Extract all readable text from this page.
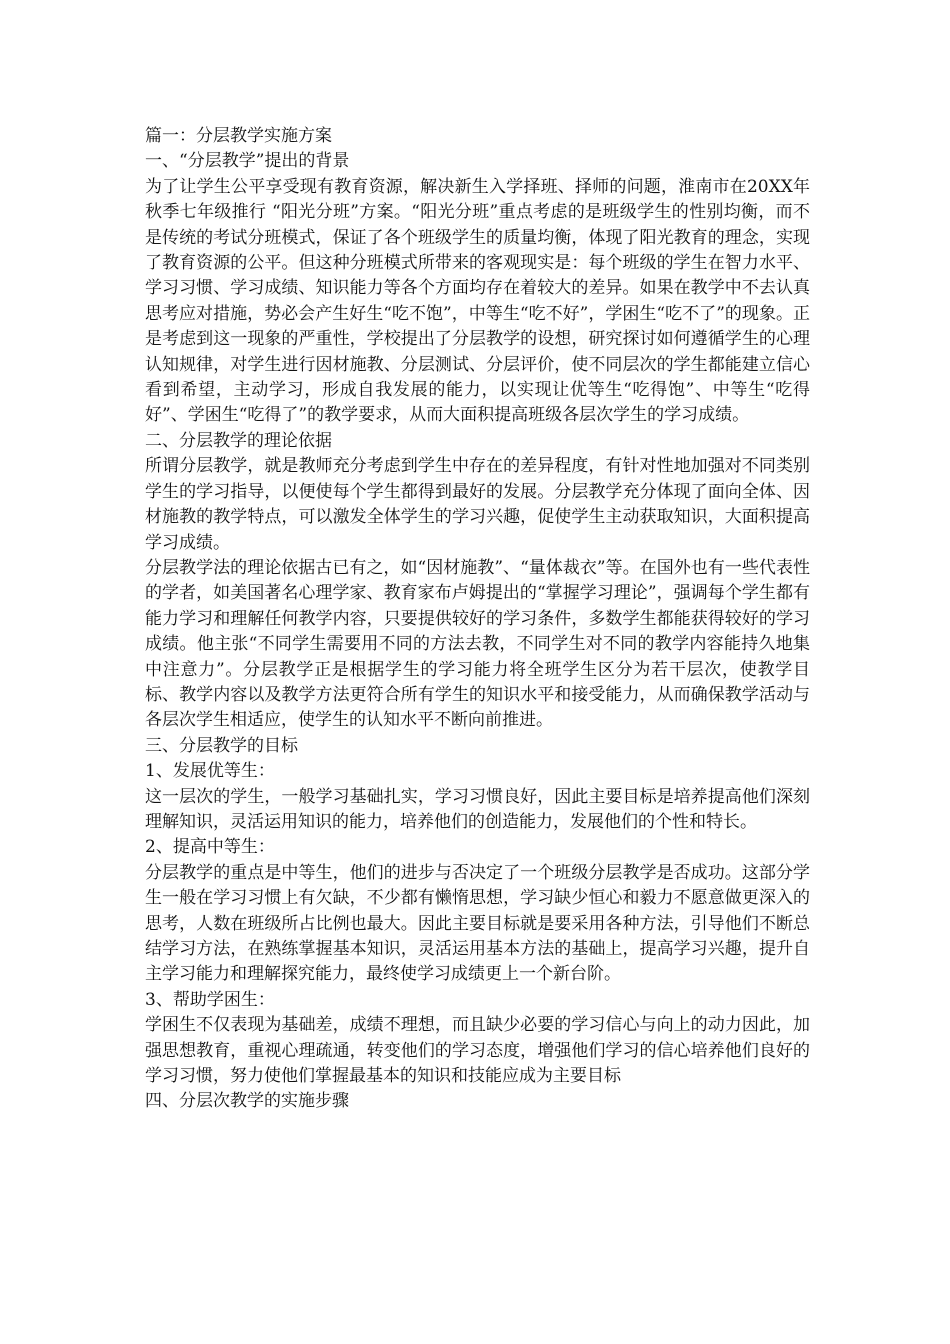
篇一：分层教学实施方案

一、“分层教学”提出的背景

为了让学生公平享受现有教育资源，解决新生入学择班、择师的问题，淮南市在20XX年秋季七年级推行 “阳光分班”方案。“阳光分班”重点考虑的是班级学生的性别均衡，而不是传统的考试分班模式，保证了各个班级学生的质量均衡，体现了阳光教育的理念，实现了教育资源的公平。但这种分班模式所带来的客观现实是：每个班级的学生在智力水平、学习习惯、学习成绩、知识能力等各个方面均存在着较大的差异。如果在教学中不去认真思考应对措施，势必会产生好生“吃不饱”，中等生“吃不好”，学困生“吃不了”的现象。正是考虑到这一现象的严重性，学校提出了分层教学的设想，研究探讨如何遵循学生的心理认知规律，对学生进行因材施教、分层测试、分层评价，使不同层次的学生都能建立信心看到希望，主动学习，形成自我发展的能力，以实现让优等生“吃得饱”、中等生“吃得好”、学困生“吃得了”的教学要求，从而大面积提高班级各层次学生的学习成绩。

二、分层教学的理论依据

所谓分层教学，就是教师充分考虑到学生中存在的差异程度，有针对性地加强对不同类别学生的学习指导，以便使每个学生都得到最好的发展。分层教学充分体现了面向全体、因材施教的教学特点，可以激发全体学生的学习兴趣，促使学生主动获取知识，大面积提高学习成绩。

分层教学法的理论依据古已有之，如“因材施教”、“量体裁衣”等。在国外也有一些代表性的学者，如美国著名心理学家、教育家布卢姆提出的“掌握学习理论”，强调每个学生都有能力学习和理解任何教学内容，只要提供较好的学习条件，多数学生都能获得较好的学习成绩。他主张“不同学生需要用不同的方法去教，不同学生对不同的教学内容能持久地集中注意力”。分层教学正是根据学生的学习能力将全班学生区分为若干层次，使教学目标、教学内容以及教学方法更符合所有学生的知识水平和接受能力，从而确保教学活动与各层次学生相适应，使学生的认知水平不断向前推进。

三、分层教学的目标

1、发展优等生：

这一层次的学生，一般学习基础扎实，学习习惯良好，因此主要目标是培养提高他们深刻理解知识，灵活运用知识的能力，培养他们的创造能力，发展他们的个性和特长。

2、提高中等生：

分层教学的重点是中等生，他们的进步与否决定了一个班级分层教学是否成功。这部分学生一般在学习习惯上有欠缺，不少都有懒惰思想，学习缺少恒心和毅力不愿意做更深入的思考，人数在班级所占比例也最大。因此主要目标就是要采用各种方法，引导他们不断总结学习方法，在熟练掌握基本知识，灵活运用基本方法的基础上，提高学习兴趣，提升自主学习能力和理解探究能力，最终使学习成绩更上一个新台阶。

3、帮助学困生：

学困生不仅表现为基础差，成绩不理想，而且缺少必要的学习信心与向上的动力因此，加强思想教育，重视心理疏通，转变他们的学习态度，增强他们学习的信心培养他们良好的学习习惯，努力使他们掌握最基本的知识和技能应成为主要目标

四、分层次教学的实施步骤
